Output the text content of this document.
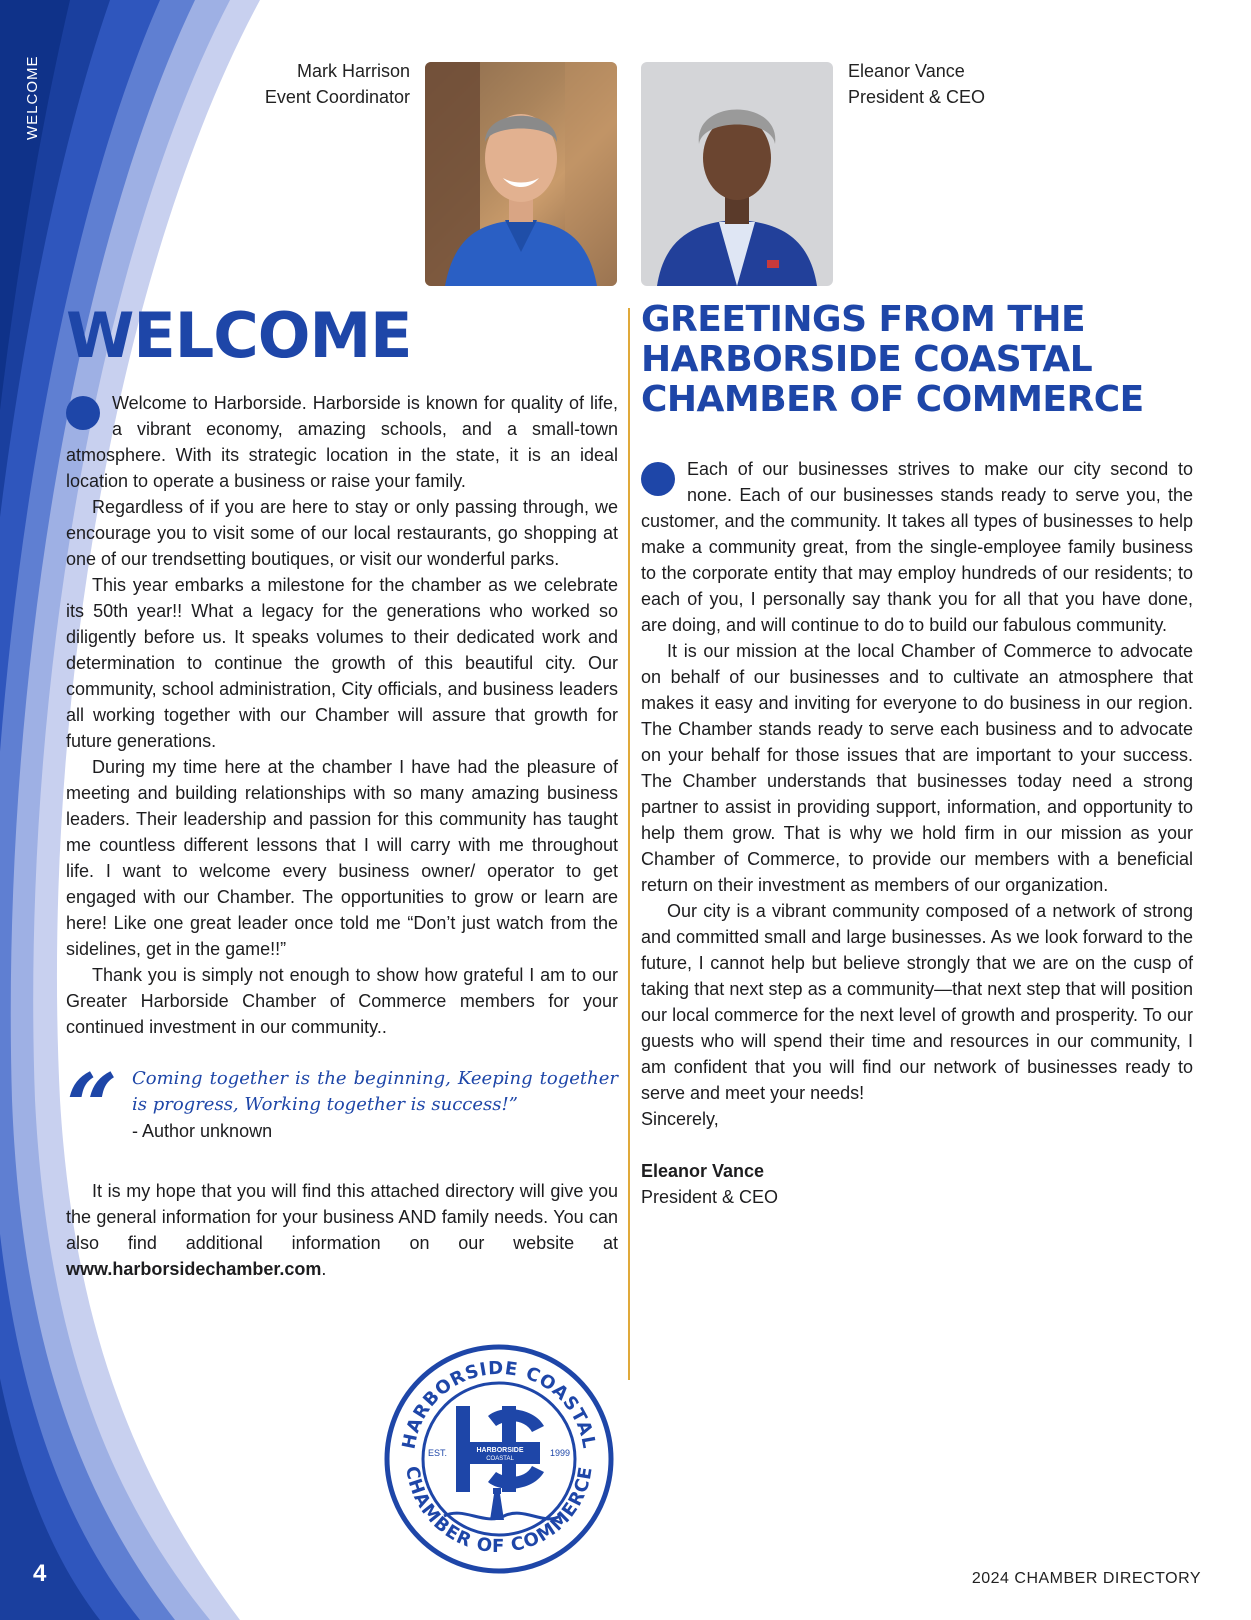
WELCOME
4	2024 CHAMBER DIRECTORY
Mark Harrison
Event Coordinator
Eleanor Vance
President & CEO
WELCOME

Welcome to Harborside. Harborside is known for quality of life, a vibrant economy, amazing schools, and a small-town atmosphere. With its strategic location in the state, it is an ideal location to operate a business or raise your family.

Regardless of if you are here to stay or only passing through, we encourage you to visit some of our local restaurants, go shopping at one of our trendsetting boutiques, or visit our wonderful parks.

This year embarks a milestone for the chamber as we celebrate its 50th year!! What a legacy for the generations who worked so diligently before us. It speaks volumes to their dedicated work and determination to continue the growth of this beautiful city. Our community, school administration, City officials, and business leaders all working together with our Chamber will assure that growth for future generations.

During my time here at the chamber I have had the pleasure of meeting and building relationships with so many amazing business leaders. Their leadership and passion for this community has taught me countless different lessons that I will carry with me throughout life. I want to welcome every business owner/ operator to get engaged with our Chamber. The opportunities to grow or learn are here! Like one great leader once told me “Don’t just watch from the sidelines, get in the game!!”

Thank you is simply not enough to show how grateful I am to our Greater Harborside Chamber of Commerce members for your continued investment in our community..

“ Coming together is the beginning, Keeping together is progress, Working together is success!”

- Author unknown

It is my hope that you will find this attached directory will give you the general information for your business AND family needs. You can also find additional information on our website at www.harborsidechamber.com.

GREETINGS FROM THE HARBORSIDE COASTAL CHAMBER OF COMMERCE

Each of our businesses strives to make our city second to none. Each of our businesses stands ready to serve you, the customer, and the community. It takes all types of businesses to help make a community great, from the single-employee family business to the corporate entity that may employ hundreds of our residents; to each of you, I personally say thank you for all that you have done, are doing, and will continue to do to build our fabulous community.

It is our mission at the local Chamber of Commerce to advocate on behalf of our businesses and to cultivate an atmosphere that makes it easy and inviting for everyone to do business in our region. The Chamber stands ready to serve each business and to advocate on your behalf for those issues that are important to your success. The Chamber understands that businesses today need a strong partner to assist in providing support, information, and opportunity to help them grow. That is why we hold firm in our mission as your Chamber of Commerce, to provide our members with a beneficial return on their investment as members of our organization.

Our city is a vibrant community composed of a network of strong and committed small and large businesses. As we look forward to the future, I cannot help but believe strongly that we are on the cusp of taking that next step as a community—that next step that will position our local commerce for the next level of growth and prosperity. To our guests who will spend their time and resources in our community, I am confident that you will find our network of businesses ready to serve and meet your needs!

Sincerely,

Eleanor Vance

President & CEO

HARBORSIDE COASTAL
CHAMBER OF COMMERCE
EST.	1999
HARBORSIDE
COASTAL
